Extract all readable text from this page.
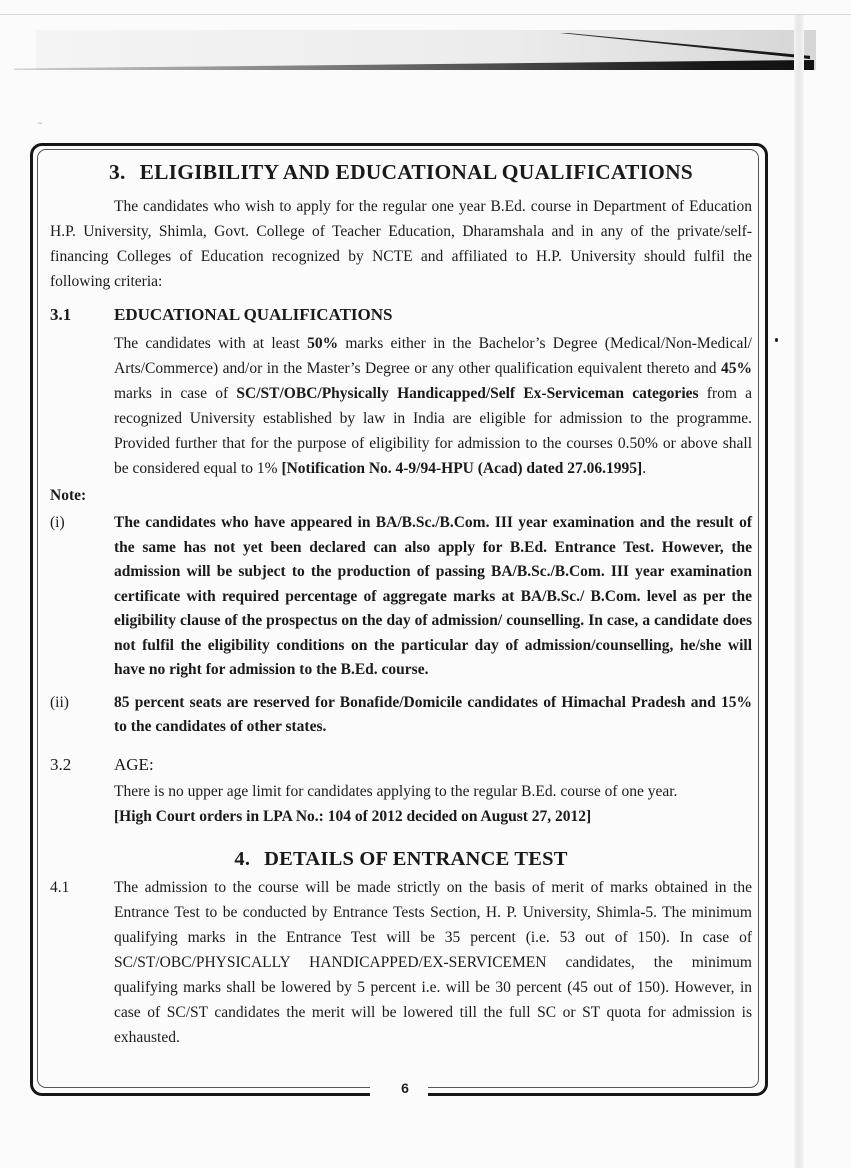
~
3. ELIGIBILITY AND EDUCATIONAL QUALIFICATIONS

The candidates who wish to apply for the regular one year B.Ed. course in Department of Education H.P. University, Shimla, Govt. College of Teacher Education, Dharamshala and in any of the private/self-financing Colleges of Education recognized by NCTE and affiliated to H.P. University should fulfil the following criteria:

3.1	EDUCATIONAL QUALIFICATIONS

The candidates with at least 50% marks either in the Bachelor’s Degree (Medical/Non-Medical/ Arts/Commerce) and/or in the Master’s Degree or any other qualification equivalent thereto and 45% marks in case of SC/ST/OBC/Physically Handicapped/Self Ex-Serviceman categories from a recognized University established by law in India are eligible for admission to the programme. Provided further that for the purpose of eligibility for admission to the courses 0.50% or above shall be considered equal to 1% [Notification No. 4-9/94-HPU (Acad) dated 27.06.1995].

Note:
(i)	The candidates who have appeared in BA/B.Sc./B.Com. III year examination and the result of the same has not yet been declared can also apply for B.Ed. Entrance Test. However, the admission will be subject to the production of passing BA/B.Sc./B.Com. III year examination certificate with required percentage of aggregate marks at BA/B.Sc./ B.Com. level as per the eligibility clause of the prospectus on the day of admission/ counselling. In case, a candidate does not fulfil the eligibility conditions on the particular day of admission/counselling, he/she will have no right for admission to the B.Ed. course.
(ii)	85 percent seats are reserved for Bonafide/Domicile candidates of Himachal Pradesh and 15% to the candidates of other states.
3.2	AGE:

There is no upper age limit for candidates applying to the regular B.Ed. course of one year.

[High Court orders in LPA No.: 104 of 2012 decided on August 27, 2012]

4. DETAILS OF ENTRANCE TEST
4.1	The admission to the course will be made strictly on the basis of merit of marks obtained in the Entrance Test to be conducted by Entrance Tests Section, H. P. University, Shimla-5. The minimum qualifying marks in the Entrance Test will be 35 percent (i.e. 53 out of 150). In case of SC/ST/OBC/PHYSICALLY HANDICAPPED/EX-SERVICEMEN candidates, the minimum qualifying marks shall be lowered by 5 percent i.e. will be 30 percent (45 out of 150). However, in case of SC/ST candidates the merit will be lowered till the full SC or ST quota for admission is exhausted.
6
